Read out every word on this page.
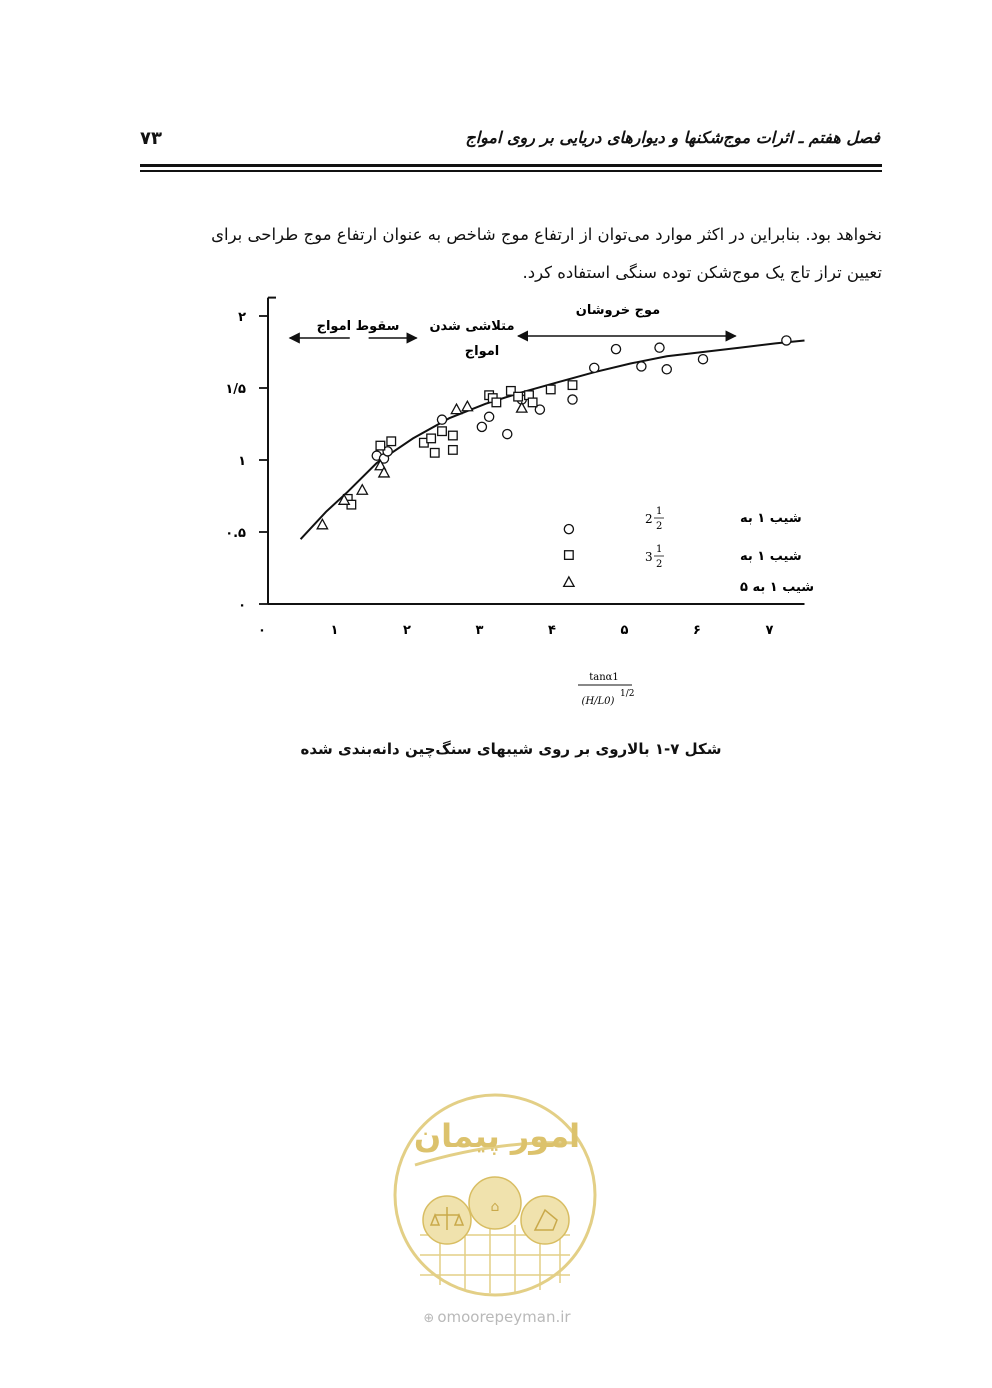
فصل هفتم ـ اثرات موج‌شکنها و دیوارهای دریایی بر روی امواج
۷۳
نخواهد بود. بنابراین در اکثر موارد می‌توان از ارتفاع موج شاخص به عنوان ارتفاع موج طراحی برای
تعیین تراز تاج یک موج‌شکن توده سنگی استفاده کرد.
۰
۰.۵
۱
۱/۵
۲
۰	۱	۲	۳	۴	۵	۶	۷
سقوط امواج متلاشی شدن
امواج
موج خروشان
شیب ۱ به
2
1
2
شیب ۱ به
3
1
2
شیب ۱ به ۵
tanα1
(H/L0)
1/2
شکل ۷-۱ بالاروی بر روی شیبهای سنگ‌چین دانه‌بندی شده
امور پیمان
⌂
⊕ omoorepeyman.ir
